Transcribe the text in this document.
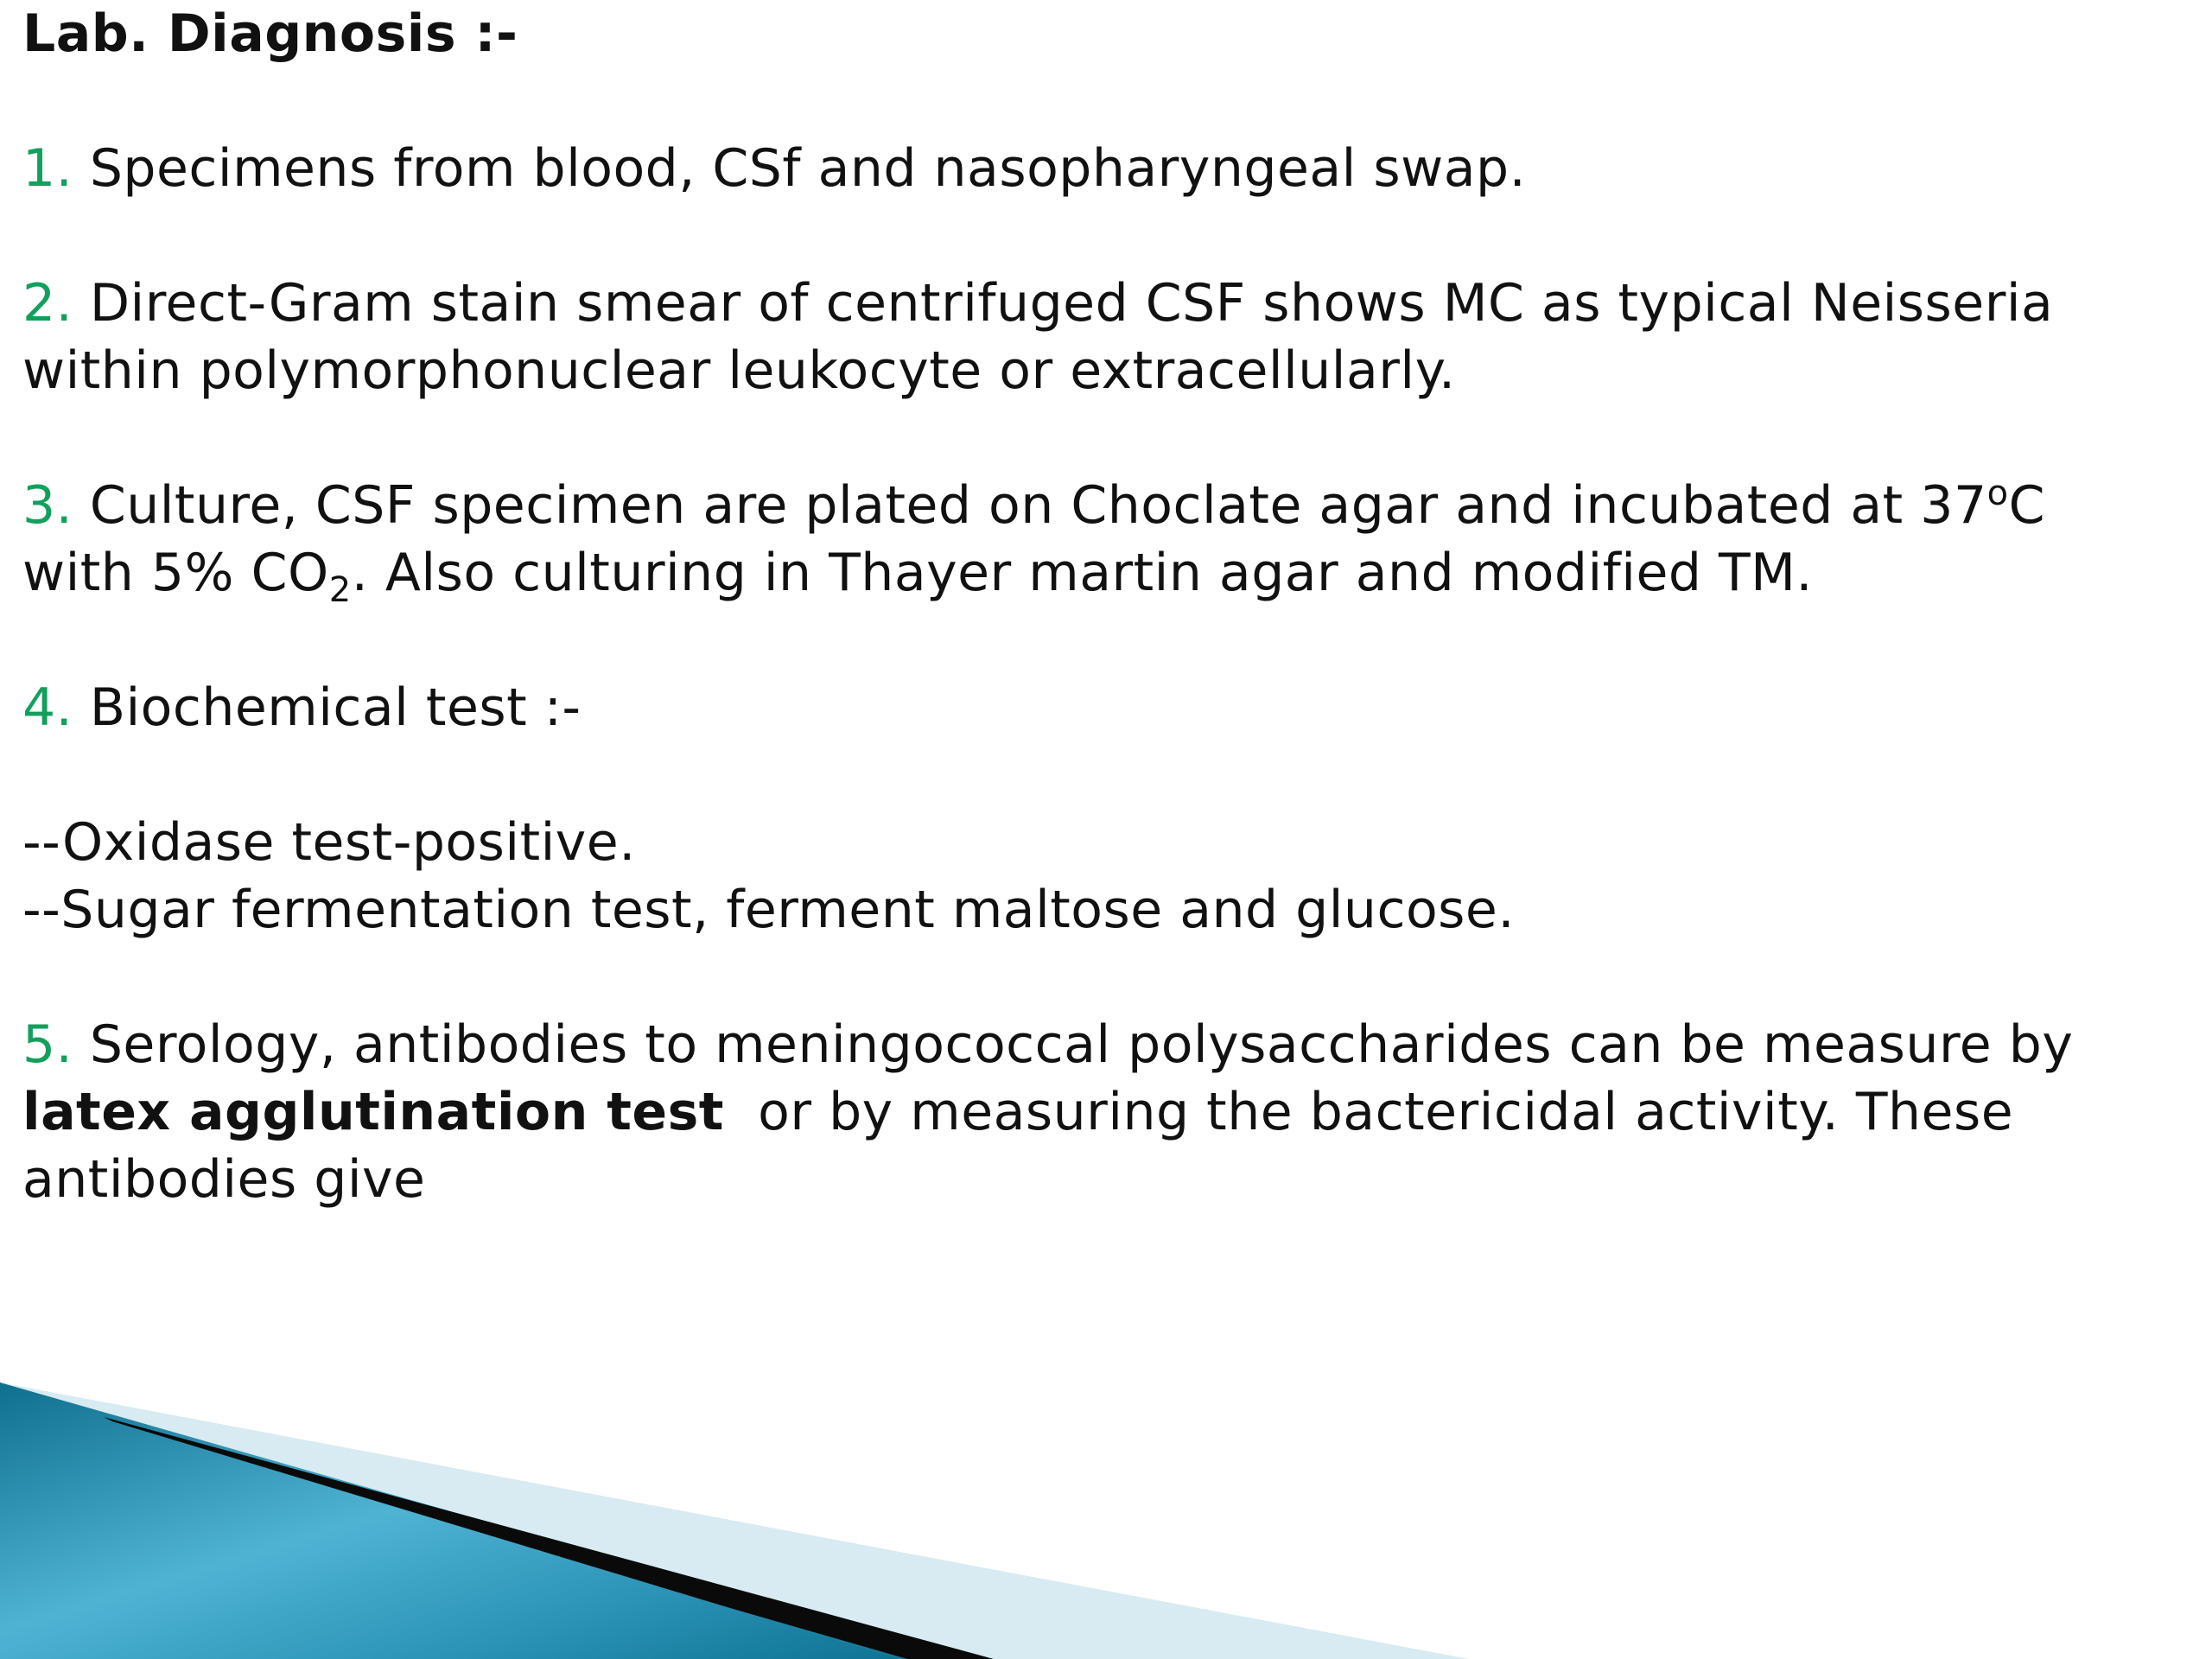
Lab. Diagnosis :-
1. Specimens from blood, CSf and nasopharyngeal swap.
2. Direct-Gram stain smear of centrifuged CSF shows MC as typical Neisseria
within polymorphonuclear leukocyte or extracellularly.
3. Culture, CSF specimen are plated on Choclate agar and incubated at 37$^o$C
with 5% $CO_2$. Also culturing in Thayer martin agar and modified TM.
4. Biochemical test :-
--Oxidase test-positive.
--Sugar fermentation test, ferment maltose and glucose.
5. Serology, antibodies to meningococcal polysaccharides can be measure by
latex agglutination test  or by measuring the bactericidal activity. These
antibodies give
